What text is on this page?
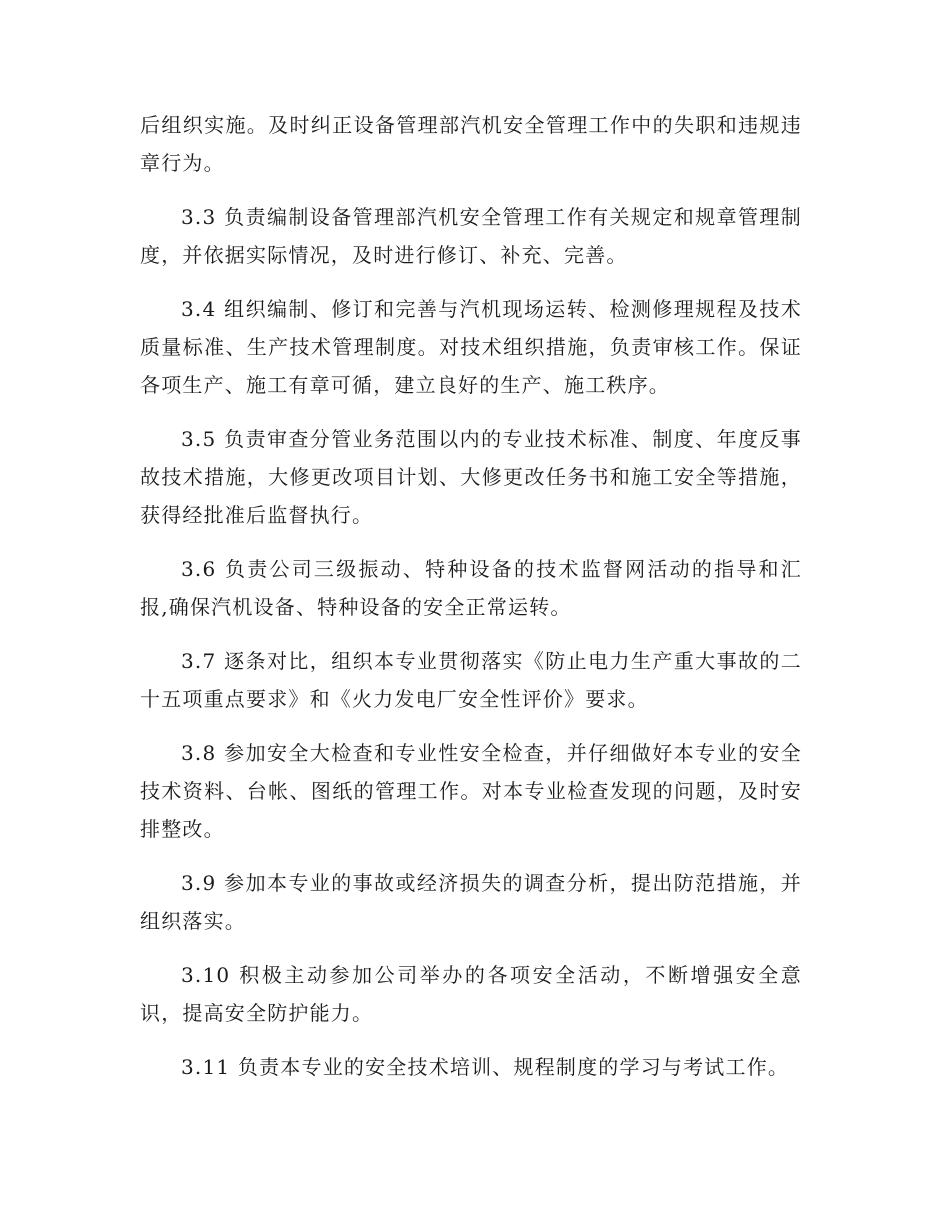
后组织实施。及时纠正设备管理部汽机安全管理工作中的失职和违规违章行为。

3.3 负责编制设备管理部汽机安全管理工作有关规定和规章管理制度，并依据实际情况，及时进行修订、补充、完善。

3.4 组织编制、修订和完善与汽机现场运转、检测修理规程及技术质量标准、生产技术管理制度。对技术组织措施，负责审核工作。保证各项生产、施工有章可循，建立良好的生产、施工秩序。

3.5 负责审查分管业务范围以内的专业技术标准、制度、年度反事故技术措施，大修更改项目计划、大修更改任务书和施工安全等措施，获得经批准后监督执行。

3.6 负责公司三级振动、特种设备的技术监督网活动的指导和汇报,确保汽机设备、特种设备的安全正常运转。

3.7 逐条对比，组织本专业贯彻落实《防止电力生产重大事故的二十五项重点要求》和《火力发电厂安全性评价》要求。

3.8 参加安全大检查和专业性安全检查，并仔细做好本专业的安全技术资料、台帐、图纸的管理工作。对本专业检查发现的问题，及时安排整改。

3.9 参加本专业的事故或经济损失的调查分析，提出防范措施，并组织落实。

3.10 积极主动参加公司举办的各项安全活动，不断增强安全意识，提高安全防护能力。

3.11 负责本专业的安全技术培训、规程制度的学习与考试工作。
